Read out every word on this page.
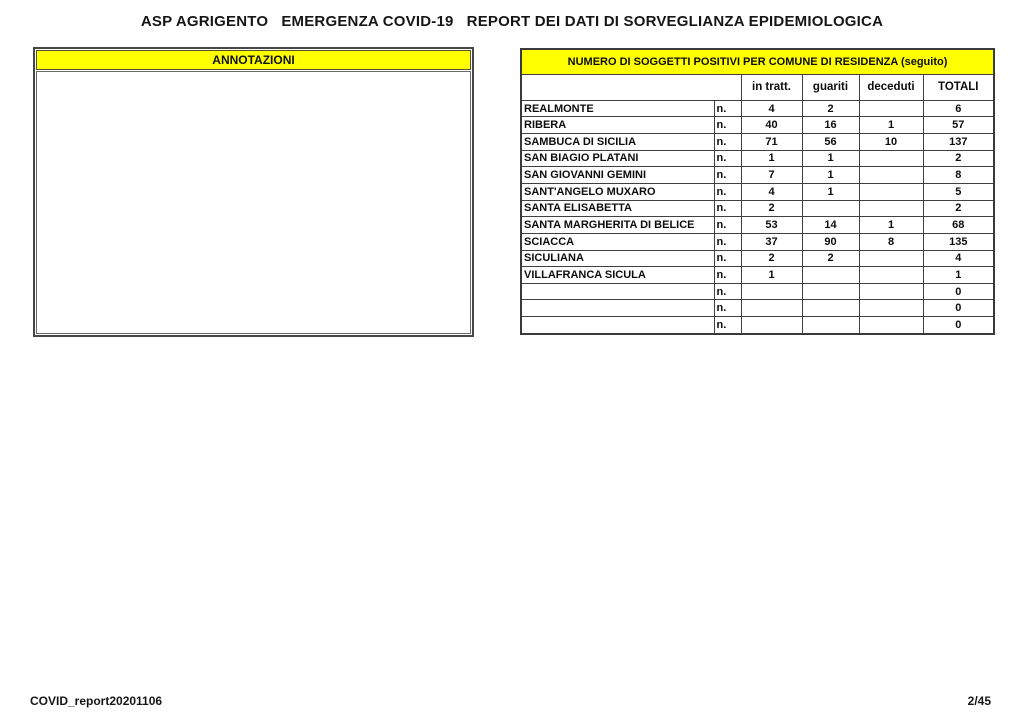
ASP AGRIGENTO   EMERGENZA COVID-19   REPORT DEI DATI DI SORVEGLIANZA EPIDEMIOLOGICA
ANNOTAZIONI	NUMERO DI SOGGETTI POSITIVI PER COMUNE DI RESIDENZA (seguito)					
		in tratt.	guariti	deceduti	TOTALI
REALMONTE	n.	4	2		6
RIBERA	n.	40	16	1	57
SAMBUCA DI SICILIA	n.	71	56	10	137
SAN BIAGIO PLATANI	n.	1	1		2
SAN GIOVANNI GEMINI	n.	7	1		8
SANT'ANGELO MUXARO	n.	4	1		5
SANTA ELISABETTA	n.	2			2
SANTA MARGHERITA DI BELICE	n.	53	14	1	68
SCIACCA	n.	37	90	8	135
SICULIANA	n.	2	2		4
VILLAFRANCA SICULA	n.	1			1
	n.				0
	n.				0
	n.				0
COVID_report20201106	2/45
